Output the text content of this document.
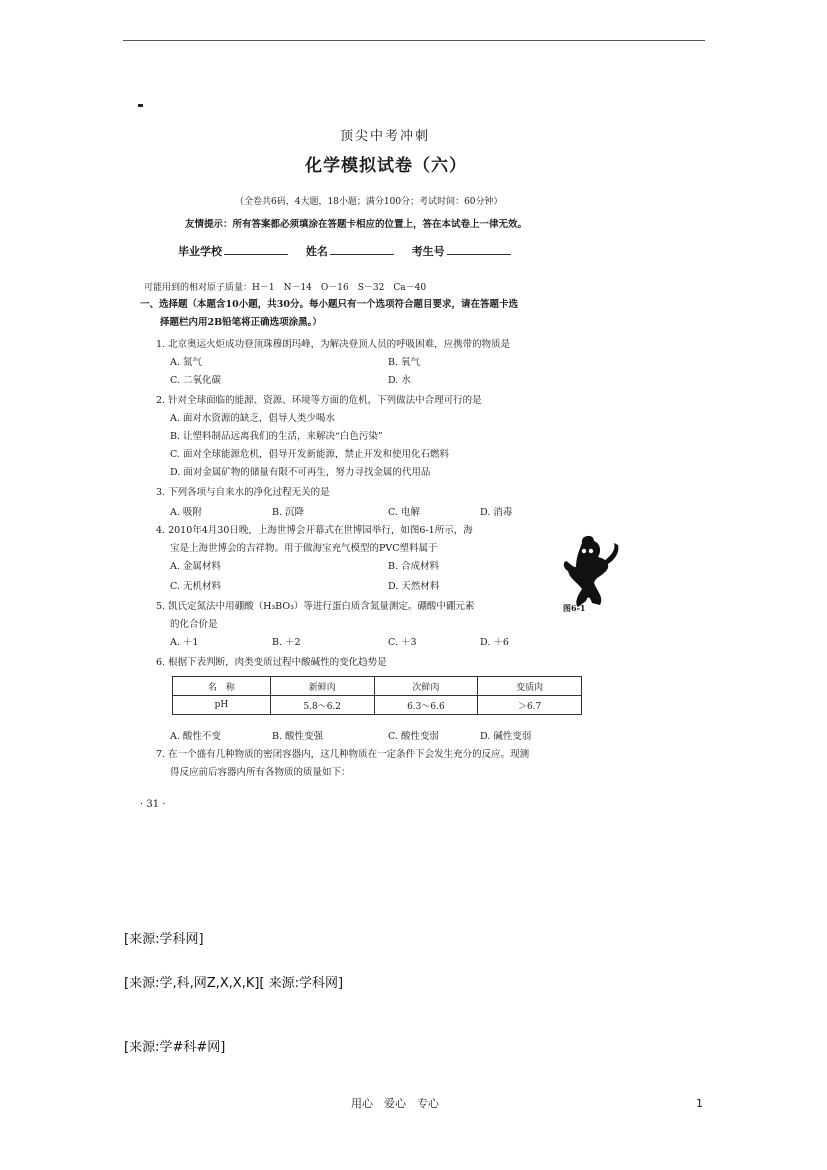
顶尖中考冲刺
化学模拟试卷（六）
（全卷共6码，4大题，18小题；满分100分；考试时间：60分钟）
友情提示：所有答案都必须填涂在答题卡相应的位置上，答在本试卷上一律无效。
毕业学校	姓名	考生号
可能用到的相对原子质量：H－1　N－14　O－16　S－32　Ca－40
一、选择题（本题含10小题，共30分。每小题只有一个选项符合题目要求，请在答题卡选
择题栏内用2B铅笔将正确选项涂黑。）
1. 北京奥运火炬成功登顶珠穆朗玛峰，为解决登顶人员的呼吸困难，应携带的物质是
A. 氮气	B. 氧气
C. 二氧化碳	D. 水
2. 针对全球面临的能源、资源、环境等方面的危机，下列做法中合理可行的是
A. 面对水资源的缺乏，倡导人类少喝水
B. 让塑料制品远离我们的生活，来解决“白色污染”
C. 面对全球能源危机，倡导开发新能源，禁止开发和使用化石燃料
D. 面对金属矿物的储量有限不可再生，努力寻找金属的代用品
3. 下列各项与自来水的净化过程无关的是
A. 吸附	B. 沉降	C. 电解	D. 消毒
4. 2010年4月30日晚，上海世博会开幕式在世博园举行，如图6-1所示，海
宝是上海世博会的吉祥物。用于做海宝充气模型的PVC塑料属于
A. 金属材料	B. 合成材料
C. 无机材料	D. 天然材料
图6-1
5. 凯氏定氮法中用硼酸（H₃BO₃）等进行蛋白质含氮量测定。硼酸中硼元素
的化合价是
A. ＋1	B. ＋2	C. ＋3	D. ＋6
6. 根据下表判断，肉类变质过程中酸碱性的变化趋势是
名　称	新鲜肉	次鲜肉	变质肉
pH	5.8～6.2	6.3～6.6	＞6.7
A. 酸性不变	B. 酸性变强	C. 酸性变弱	D. 碱性变弱
7. 在一个盛有几种物质的密闭容器内，这几种物质在一定条件下会发生充分的反应。现测
得反应前后容器内所有各物质的质量如下：
· 31 ·
[来源:学科网]
[来源:学,科,网Z,X,X,K][ 来源:学科网]
[来源:学#科#网]
用心　爱心　专心	1
